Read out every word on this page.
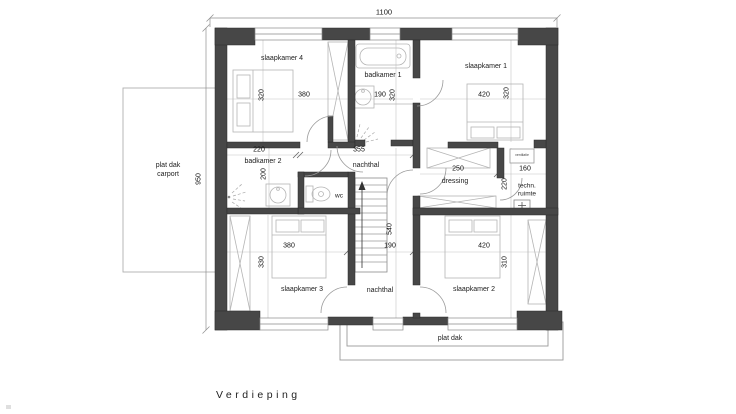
slaapkamer 4
badkamer 1
slaapkamer 1
badkamer 2
nachthal
wc
dressing
techn.
ruimte
ventilatie
slaapkamer 3	nachthal	slaapkamer 2
1100
950
320	380	190 320	420 320
220	355
200	250	160
220
540
380
330
190	420
310
plat dak
carport
plat dak
Verdieping
